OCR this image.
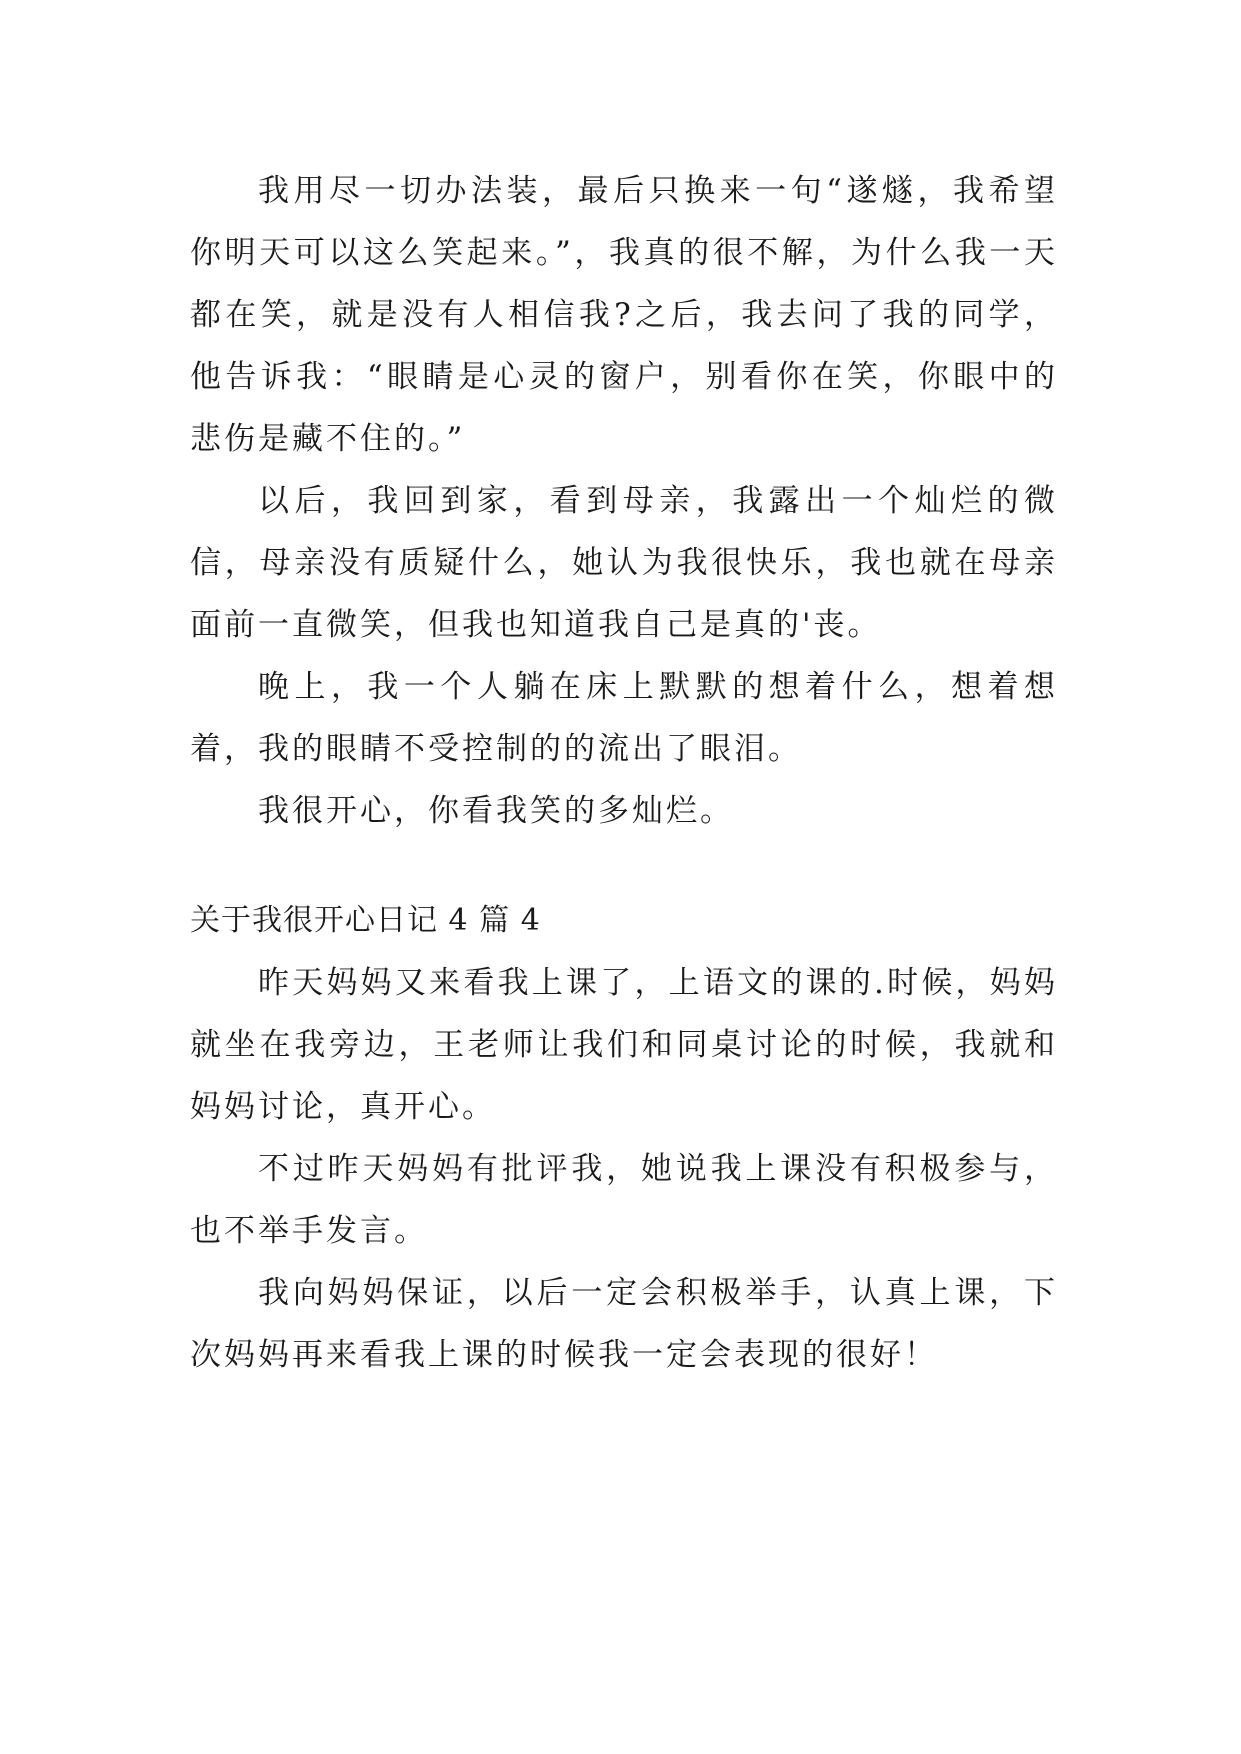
我用尽一切办法装，最后只换来一句“遂燧，我希望你明天可以这么笑起来。”，我真的很不解，为什么我一天都在笑，就是没有人相信我?之后，我去问了我的同学，他告诉我：“眼睛是心灵的窗户，别看你在笑，你眼中的悲伤是藏不住的。”

以后，我回到家，看到母亲，我露出一个灿烂的微信，母亲没有质疑什么，她认为我很快乐，我也就在母亲面前一直微笑，但我也知道我自己是真的'丧。

晚上，我一个人躺在床上默默的想着什么，想着想着，我的眼睛不受控制的的流出了眼泪。

我很开心，你看我笑的多灿烂。

关于我很开心日记 4 篇 4

昨天妈妈又来看我上课了，上语文的课的.时候，妈妈就坐在我旁边，王老师让我们和同桌讨论的时候，我就和妈妈讨论，真开心。

不过昨天妈妈有批评我，她说我上课没有积极参与，也不举手发言。

我向妈妈保证，以后一定会积极举手，认真上课，下次妈妈再来看我上课的时候我一定会表现的很好！
